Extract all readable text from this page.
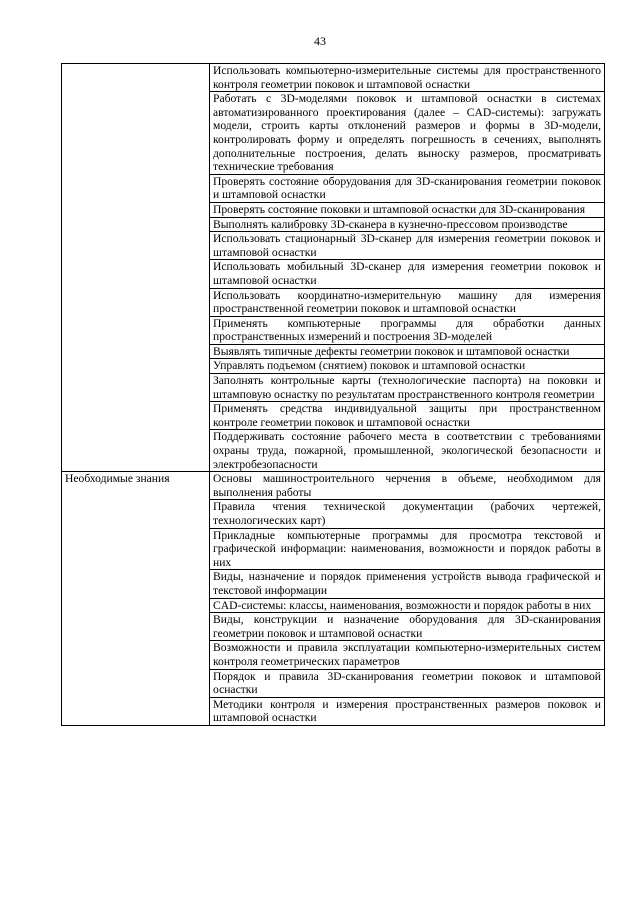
43
	Использовать компьютерно-измерительные системы для пространственного контроля геометрии поковок и штамповой оснастки
	Работать с 3D-моделями поковок и штамповой оснастки в системах автоматизированного проектирования (далее – CAD-системы): загружать модели, строить карты отклонений размеров и формы в 3D-модели, контролировать форму и определять погрешность в сечениях, выполнять дополнительные построения, делать выноску размеров, просматривать технические требования
	Проверять состояние оборудования для 3D-сканирования геометрии поковок и штамповой оснастки
	Проверять состояние поковки и штамповой оснастки для 3D-сканирования
	Выполнять калибровку 3D-сканера в кузнечно-прессовом производстве
	Использовать стационарный 3D-сканер для измерения геометрии поковок и штамповой оснастки
	Использовать мобильный 3D-сканер для измерения геометрии поковок и штамповой оснастки
	Использовать координатно-измерительную машину для измерения пространственной геометрии поковок и штамповой оснастки
	Применять компьютерные программы для обработки данных пространственных измерений и построения 3D-моделей
	Выявлять типичные дефекты геометрии поковок и штамповой оснастки
	Управлять подъемом (снятием) поковок и штамповой оснастки
	Заполнять контрольные карты (технологические паспорта) на поковки и штамповую оснастку по результатам пространственного контроля геометрии
	Применять средства индивидуальной защиты при пространственном контроле геометрии поковок и штамповой оснастки
	Поддерживать состояние рабочего места в соответствии с требованиями охраны труда, пожарной, промышленной, экологической безопасности и электробезопасности
Необходимые знания	Основы машиностроительного черчения в объеме, необходимом для выполнения работы
	Правила чтения технической документации (рабочих чертежей, технологических карт)
	Прикладные компьютерные программы для просмотра текстовой и графической информации: наименования, возможности и порядок работы в них
	Виды, назначение и порядок применения устройств вывода графической и текстовой информации
	CAD-системы: классы, наименования, возможности и порядок работы в них
	Виды, конструкции и назначение оборудования для 3D-сканирования геометрии поковок и штамповой оснастки
	Возможности и правила эксплуатации компьютерно-измерительных систем контроля геометрических параметров
	Порядок и правила 3D-сканирования геометрии поковок и штамповой оснастки
	Методики контроля и измерения пространственных размеров поковок и штамповой оснастки
